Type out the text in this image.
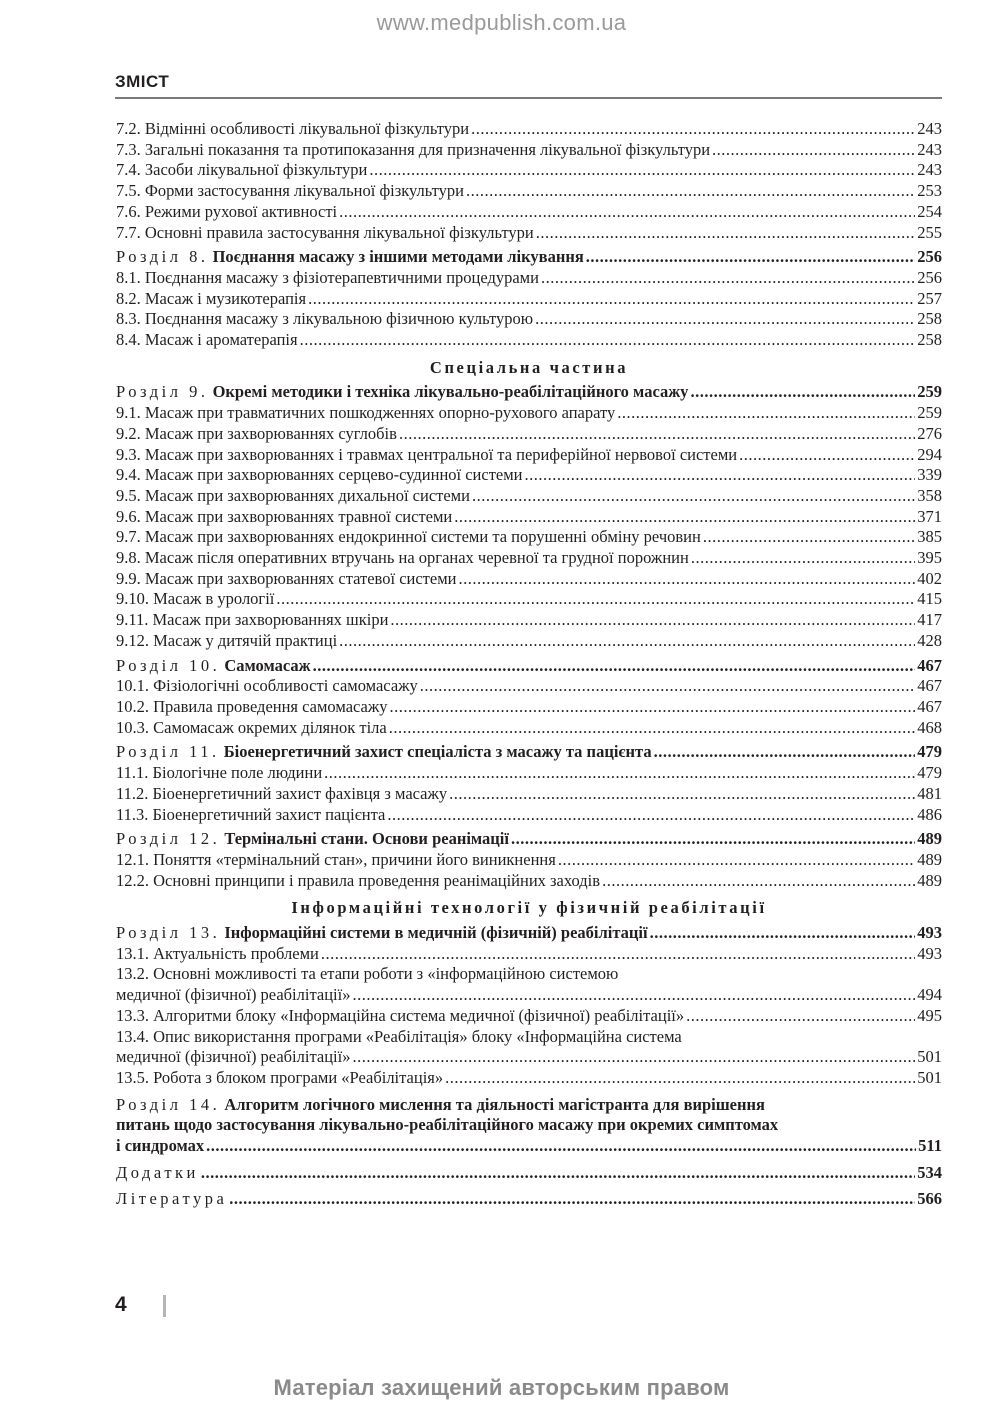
www.medpublish.com.ua
ЗМІСТ
7.2. Відмінні особливості лікувальної фізкультури .....	243
7.3. Загальні показання та протипоказання для призначення лікувальної фізкультури .....	243
7.4. Засоби лікувальної фізкультури .....	243
7.5. Форми застосування лікувальної фізкультури .....	253
7.6. Режими рухової активності .....	254
7.7. Основні правила застосування лікувальної фізкультури .....	255
Розділ 8. Поєднання масажу з іншими методами лікування .....	256
8.1. Поєднання масажу з фізіотерапевтичними процедурами .....	256
8.2. Масаж і музикотерапія .....	257
8.3. Поєднання масажу з лікувальною фізичною культурою .....	258
8.4. Масаж і ароматерапія .....	258
Спеціальна частина
Розділ 9. Окремі методики і техніка лікувально-реабілітаційного масажу .....	259
9.1. Масаж при травматичних пошкодженнях опорно-рухового апарату .....	259
9.2. Масаж при захворюваннях суглобів .....	276
9.3. Масаж при захворюваннях і травмах центральної та периферійної нервової системи .....	294
9.4. Масаж при захворюваннях серцево-судинної системи .....	339
9.5. Масаж при захворюваннях дихальної системи .....	358
9.6. Масаж при захворюваннях травної системи .....	371
9.7. Масаж при захворюваннях ендокринної системи та порушенні обміну речовин .....	385
9.8. Масаж після оперативних втручань на органах черевної та грудної порожнин .....	395
9.9. Масаж при захворюваннях статевої системи .....	402
9.10. Масаж в урології .....	415
9.11. Масаж при захворюваннях шкіри .....	417
9.12. Масаж у дитячій практиці .....	428
Розділ 10. Самомасаж .....	467
10.1. Фізіологічні особливості самомасажу .....	467
10.2. Правила проведення самомасажу .....	467
10.3. Самомасаж окремих ділянок тіла .....	468
Розділ 11. Біоенергетичний захист спеціаліста з масажу та пацієнта .....	479
11.1. Біологічне поле людини .....	479
11.2. Біоенергетичний захист фахівця з масажу .....	481
11.3. Біоенергетичний захист пацієнта .....	486
Розділ 12. Термінальні стани. Основи реанімації .....	489
12.1. Поняття «термінальний стан», причини його виникнення .....	489
12.2. Основні принципи і правила проведення реанімаційних заходів .....	489
Інформаційні технології у фізичній реабілітації
Розділ 13. Інформаційні системи в медичній (фізичній) реабілітації .....	493
13.1. Актуальність проблеми .....	493
13.2. Основні можливості та етапи роботи з «інформаційною системою
медичної (фізичної) реабілітації» .....	494
13.3. Алгоритми блоку «Інформаційна система медичної (фізичної) реабілітації» .....	495
13.4. Опис використання програми «Реабілітація» блоку «Інформаційна система
медичної (фізичної) реабілітації» .....	501
13.5. Робота з блоком програми «Реабілітація» .....	501
Розділ 14. Алгоритм логічного мислення та діяльності магістранта для вирішення
питань щодо застосування лікувально-реабілітаційного масажу при окремих симптомах
і синдромах .....	511
Додатки .....	534
Література .....	566
4
Матеріал захищений авторським правом
